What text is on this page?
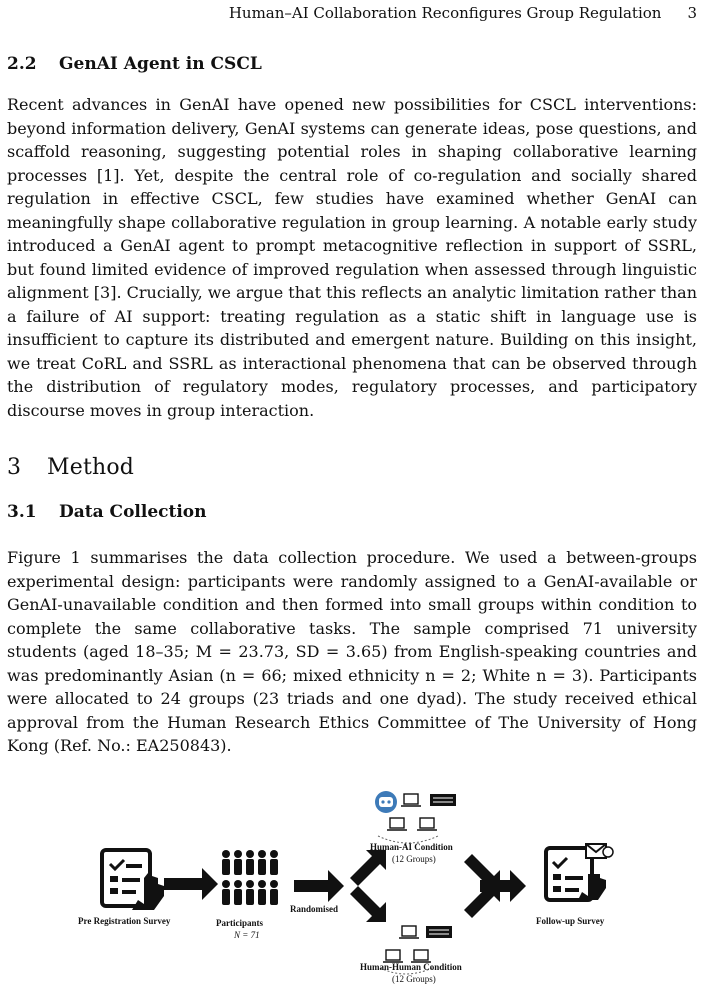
Human–AI Collaboration Reconfigures Group Regulation 3
2.2 GenAI Agent in CSCL

Recent advances in GenAI have opened new possibilities for CSCL interventions: beyond information delivery, GenAI systems can generate ideas, pose questions, and scaffold reasoning, suggesting potential roles in shaping collaborative learning processes [1]. Yet, despite the central role of co-regulation and socially shared regulation in effective CSCL, few studies have examined whether GenAI can meaningfully shape collaborative regulation in group learning. A notable early study introduced a GenAI agent to prompt metacognitive reflection in support of SSRL, but found limited evidence of improved regulation when assessed through linguistic alignment [3]. Crucially, we argue that this reflects an analytic limitation rather than a failure of AI support: treating regulation as a static shift in language use is insufficient to capture its distributed and emergent nature. Building on this insight, we treat CoRL and SSRL as interactional phenomena that can be observed through the distribution of regulatory modes, regulatory processes, and participatory discourse moves in group interaction.

3 Method
3.1 Data Collection

Figure 1 summarises the data collection procedure. We used a between-groups experimental design: participants were randomly assigned to a GenAI-available or GenAI-unavailable condition and then formed into small groups within condition to complete the same collaborative tasks. The sample comprised 71 university students (aged 18–35; M = 23.73, SD = 3.65) from English-speaking countries and was predominantly Asian (n = 66; mixed ethnicity n = 2; White n = 3). Participants were allocated to 24 groups (23 triads and one dyad). The study received ethical approval from the Human Research Ethics Committee of The University of Hong Kong (Ref. No.: EA250843).

Pre Registration Survey	Participants
N = 71
Randomised
Human-AI Condition
(12 Groups)
Human-Human Condition
(12 Groups)
Follow-up Survey
